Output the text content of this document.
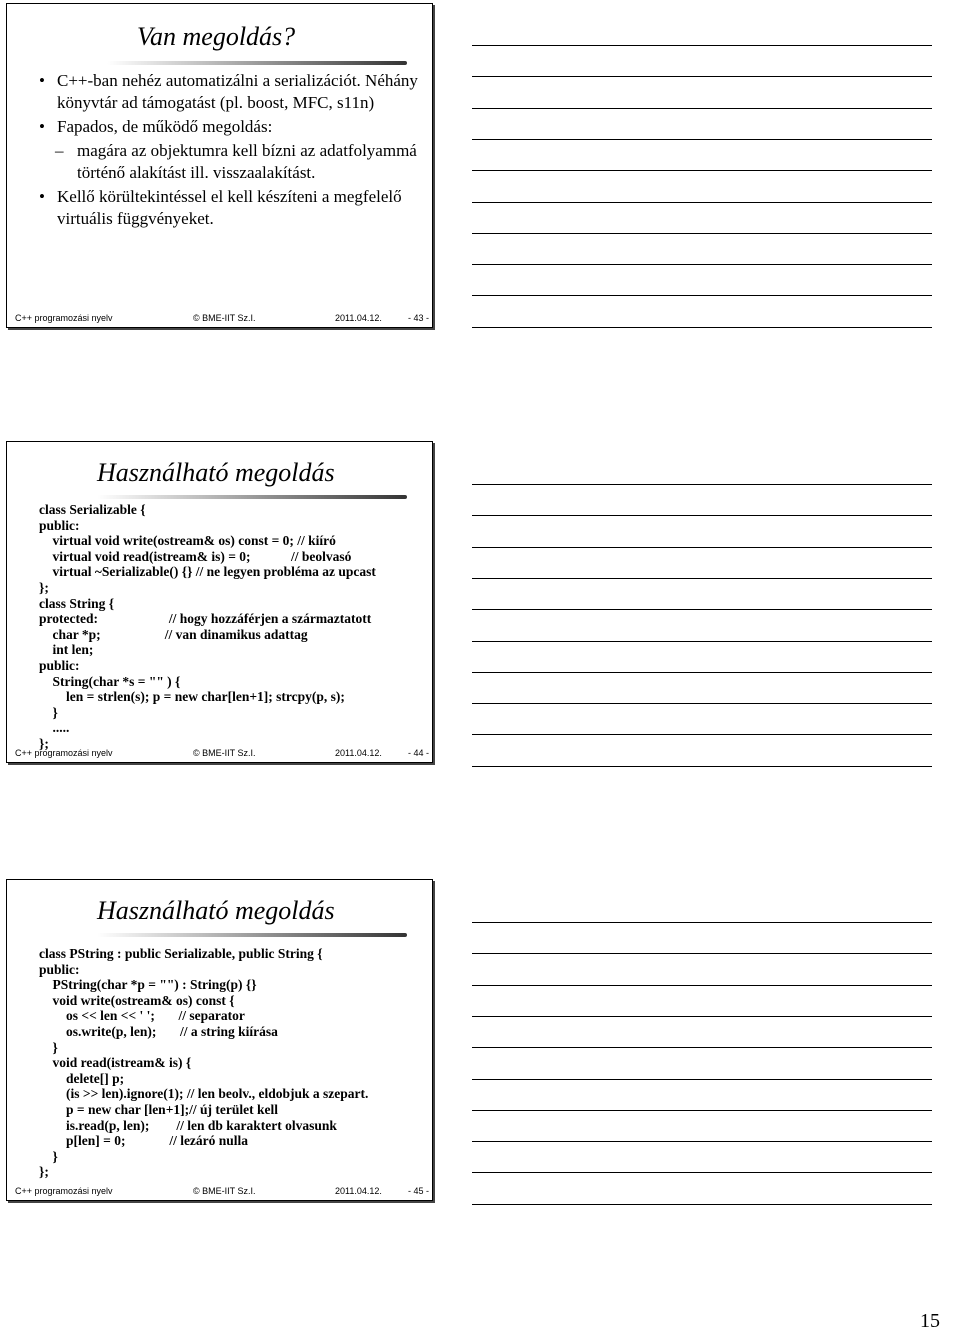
Van megoldás?
• C++-ban nehéz automatizálni a serializációt. Néhány könyvtár ad támogatást (pl. boost, MFC, s11n)
• Fapados, de működő megoldás:
– magára az objektumra kell bízni az adatfolyammá történő alakítást ill. visszaalakítást.
• Kellő körültekintéssel el kell készíteni a megfelelő virtuális függvényeket.
C++ programozási nyelv	© BME-IIT Sz.I.	2011.04.12.	- 43 -
Használható megoldás
class Serializable {
public:
virtual void write(ostream& os) const = 0; // kiíró
virtual void read(istream& is) = 0;            // beolvasó
virtual ~Serializable() {} // ne legyen probléma az upcast
};
class String {
protected:                     // hogy hozzáférjen a származtatott
char *p;                   // van dinamikus adattag
int len;
public:
String(char *s = "" ) {
len = strlen(s); p = new char[len+1]; strcpy(p, s);
}
.....
};
C++ programozási nyelv	© BME-IIT Sz.I.	2011.04.12.	- 44 -
Használható megoldás
class PString : public Serializable, public String {
public:
PString(char *p = "") : String(p) {}
void write(ostream& os) const {
os << len << ' ';       // separator
os.write(p, len);       // a string kiírása
}
void read(istream& is) {
delete[] p;
(is >> len).ignore(1); // len beolv., eldobjuk a szepart.
p = new char [len+1];// új terület kell
is.read(p, len);        // len db karaktert olvasunk
p[len] = 0;             // lezáró nulla
}
};
C++ programozási nyelv	© BME-IIT Sz.I.	2011.04.12.	- 45 -
15
